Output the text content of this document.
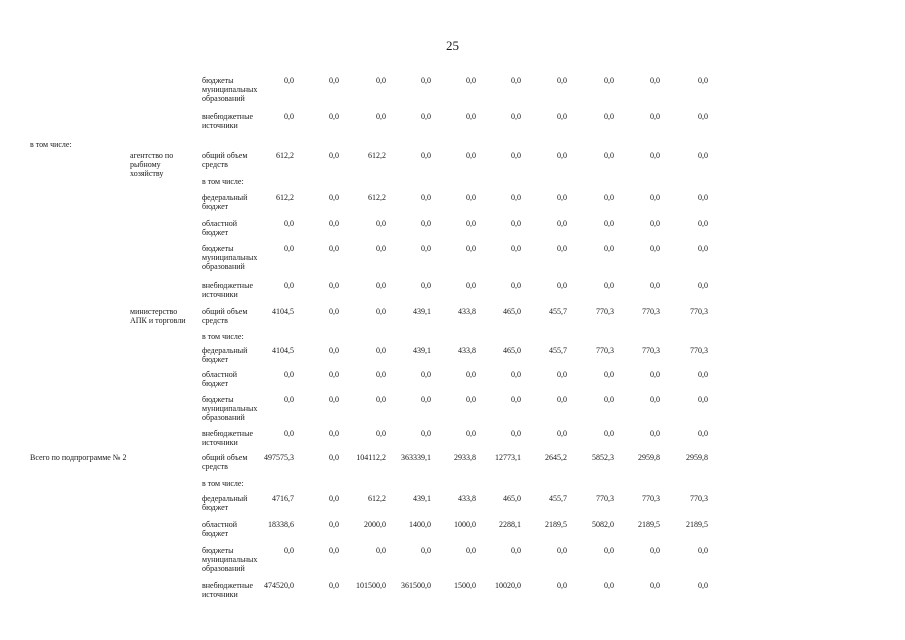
25
бюджеты
муниципальных
образований
0,0	0,0	0,0	0,0	0,0	0,0	0,0	0,0	0,0	0,0
внебюджетные
источники
0,0	0,0	0,0	0,0	0,0	0,0	0,0	0,0	0,0	0,0
в том числе:
агентство по
рыбному
хозяйству
общий объем
средств
612,2	0,0	612,2	0,0	0,0	0,0	0,0	0,0	0,0	0,0
в том числе:
федеральный
бюджет
612,2	0,0	612,2	0,0	0,0	0,0	0,0	0,0	0,0	0,0
областной
бюджет
0,0	0,0	0,0	0,0	0,0	0,0	0,0	0,0	0,0	0,0
бюджеты
муниципальных
образований
0,0	0,0	0,0	0,0	0,0	0,0	0,0	0,0	0,0	0,0
внебюджетные
источники
0,0	0,0	0,0	0,0	0,0	0,0	0,0	0,0	0,0	0,0
министерство
АПК и торговли
общий объем
средств
4104,5	0,0	0,0	439,1	433,8	465,0	455,7	770,3	770,3	770,3
в том числе:
федеральный
бюджет
4104,5	0,0	0,0	439,1	433,8	465,0	455,7	770,3	770,3	770,3
областной
бюджет
0,0	0,0	0,0	0,0	0,0	0,0	0,0	0,0	0,0	0,0
бюджеты
муниципальных
образований
0,0	0,0	0,0	0,0	0,0	0,0	0,0	0,0	0,0	0,0
внебюджетные
источники
0,0	0,0	0,0	0,0	0,0	0,0	0,0	0,0	0,0	0,0
Всего по подпрограмме № 2	общий объем
средств
497575,3	0,0	104112,2	363339,1	2933,8	12773,1	2645,2	5852,3	2959,8	2959,8
в том числе:
федеральный
бюджет
4716,7	0,0	612,2	439,1	433,8	465,0	455,7	770,3	770,3	770,3
областной
бюджет
18338,6	0,0	2000,0	1400,0	1000,0	2288,1	2189,5	5082,0	2189,5	2189,5
бюджеты
муниципальных
образований
0,0	0,0	0,0	0,0	0,0	0,0	0,0	0,0	0,0	0,0
внебюджетные
источники
474520,0	0,0	101500,0	361500,0	1500,0	10020,0	0,0	0,0	0,0	0,0
